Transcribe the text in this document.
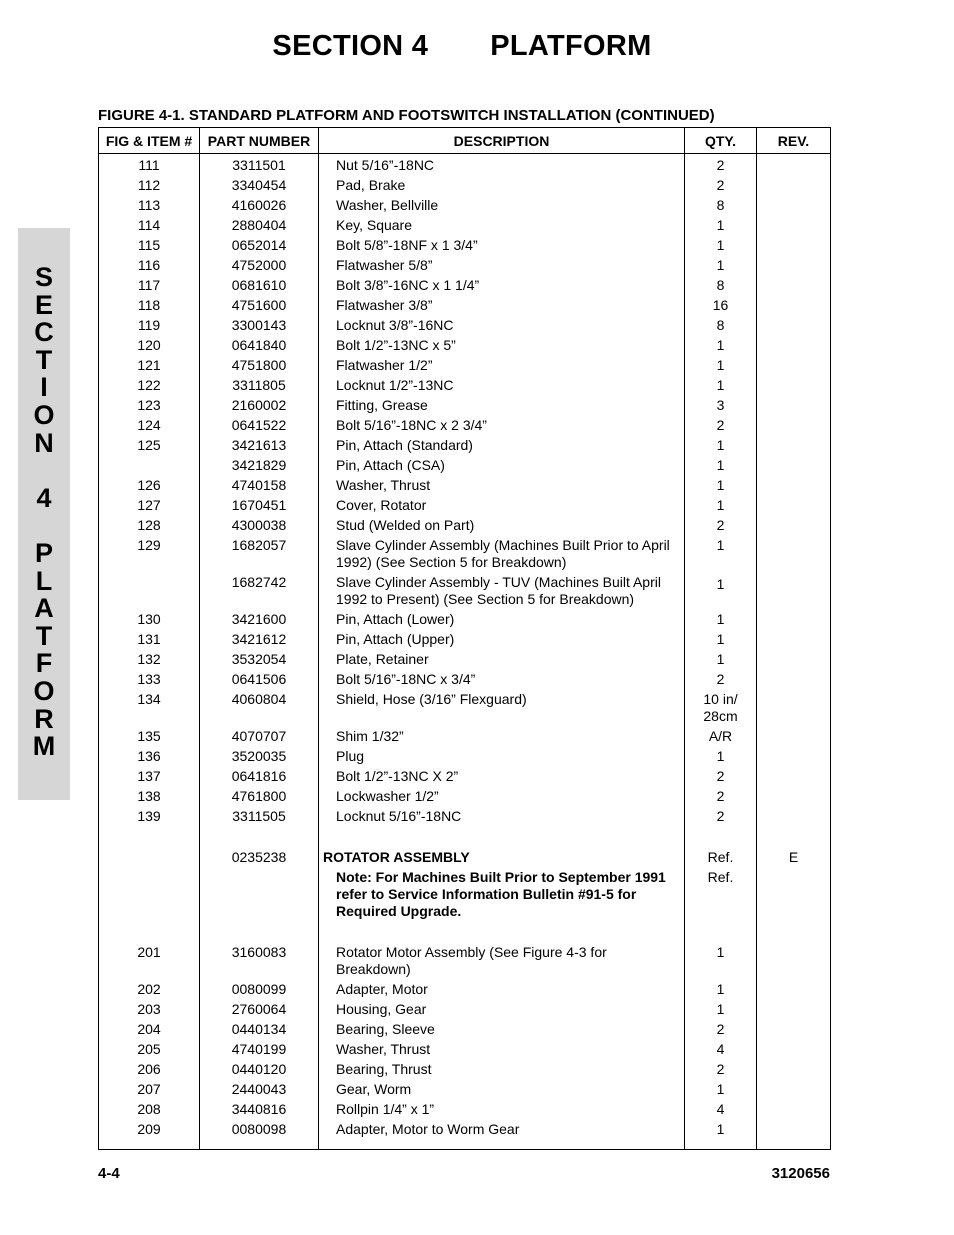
SECTION 4 PLATFORM
FIGURE 4-1. STANDARD PLATFORM AND FOOTSWITCH INSTALLATION (CONTINUED)
S
E
C
T
I
O
N
4
P
L
A
T
F
O
R
M
FIG & ITEM #	PART NUMBER	DESCRIPTION	QTY.	REV.
111	3311501	Nut 5/16”-18NC	2	
112	3340454	Pad, Brake	2	
113	4160026	Washer, Bellville	8	
114	2880404	Key, Square	1	
115	0652014	Bolt 5/8”-18NF x 1 3/4”	1	
116	4752000	Flatwasher 5/8”	1	
117	0681610	Bolt 3/8”-16NC x 1 1/4”	8	
118	4751600	Flatwasher 3/8”	16	
119	3300143	Locknut 3/8”-16NC	8	
120	0641840	Bolt 1/2”-13NC x 5”	1	
121	4751800	Flatwasher 1/2”	1	
122	3311805	Locknut 1/2”-13NC	1	
123	2160002	Fitting, Grease	3	
124	0641522	Bolt 5/16”-18NC x 2 3/4”	2	
125	3421613	Pin, Attach (Standard)	1	
	3421829	Pin, Attach (CSA)	1	
126	4740158	Washer, Thrust	1	
127	1670451	Cover, Rotator	1	
128	4300038	Stud (Welded on Part)	2	
129	1682057	Slave Cylinder Assembly (Machines Built Prior to April 1992) (See Section 5 for Breakdown)	1	
	1682742	Slave Cylinder Assembly - TUV (Machines Built April 1992 to Present) (See Section 5 for Breakdown)	1	
130	3421600	Pin, Attach (Lower)	1	
131	3421612	Pin, Attach (Upper)	1	
132	3532054	Plate, Retainer	1	
133	0641506	Bolt 5/16”-18NC x 3/4”	2	
134	4060804	Shield, Hose (3/16” Flexguard)	10 in/ 28cm	
135	4070707	Shim 1/32”	A/R	
136	3520035	Plug	1	
137	0641816	Bolt 1/2”-13NC X 2”	2	
138	4761800	Lockwasher 1/2”	2	
139	3311505	Locknut 5/16”-18NC	2	
	0235238	ROTATOR ASSEMBLY	Ref.	E
		Note: For Machines Built Prior to September 1991 refer to Service Information Bulletin #91-5 for Required Upgrade.	Ref.	
201	3160083	Rotator Motor Assembly (See Figure 4-3 for Breakdown)	1	
202	0080099	Adapter, Motor	1	
203	2760064	Housing, Gear	1	
204	0440134	Bearing, Sleeve	2	
205	4740199	Washer, Thrust	4	
206	0440120	Bearing, Thrust	2	
207	2440043	Gear, Worm	1	
208	3440816	Rollpin 1/4” x 1”	4	
209	0080098	Adapter, Motor to Worm Gear	1	
4-4	3120656
